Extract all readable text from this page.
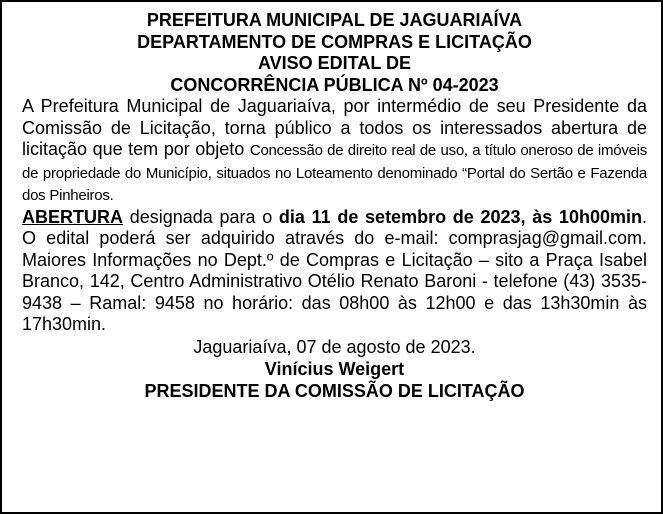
PREFEITURA MUNICIPAL DE JAGUARIAÍVA
DEPARTAMENTO DE COMPRAS E LICITAÇÃO
AVISO EDITAL DE
CONCORRÊNCIA PÚBLICA Nº 04-2023
A Prefeitura Municipal de Jaguariaíva, por intermédio de seu Presidente da Comissão de Licitação, torna público a todos os interessados abertura de licitação que tem por objeto Concessão de direito real de uso, a título oneroso de imóveis de propriedade do Município, situados no Loteamento denominado “Portal do Sertão e Fazenda dos Pinheiros.
ABERTURA designada para o dia 11 de setembro de 2023, às 10h00min. O edital poderá ser adquirido através do e-mail: comprasjag@gmail.com. Maiores Informações no Dept.º de Compras e Licitação – sito a Praça Isabel Branco, 142, Centro Administrativo Otélio Renato Baroni - telefone (43) 3535-9438 – Ramal: 9458 no horário: das 08h00 às 12h00 e das 13h30min às 17h30min.
Jaguariaíva, 07 de agosto de 2023.
Vinícius Weigert
PRESIDENTE DA COMISSÃO DE LICITAÇÃO
